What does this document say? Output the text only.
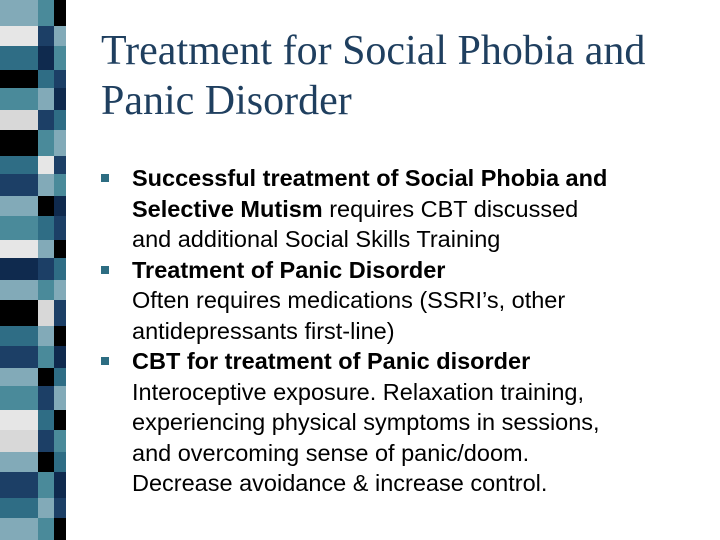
Treatment for Social Phobia and
Panic Disorder
Successful treatment of Social Phobia and
Selective Mutism requires CBT discussed
and additional Social Skills Training
Treatment of Panic Disorder
Often requires medications (SSRI’s, other
antidepressants first-line)
CBT for treatment of Panic disorder
Interoceptive exposure. Relaxation training,
experiencing physical symptoms in sessions,
and overcoming sense of panic/doom.
Decrease avoidance & increase control.
